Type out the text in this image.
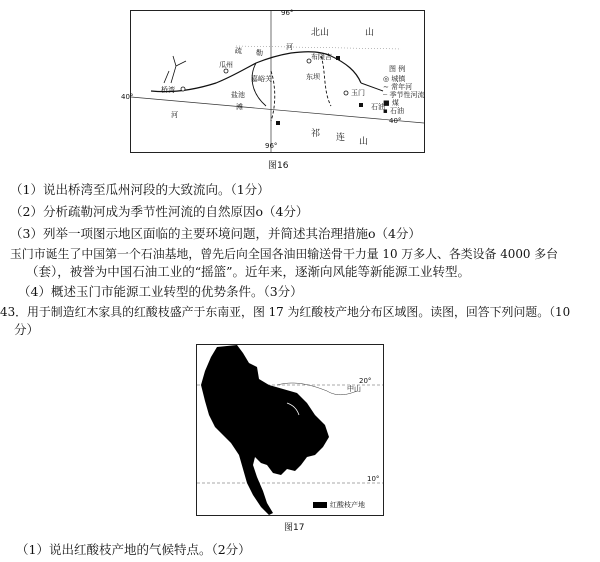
96°
96°
40°
40°
北山	山
疏
瓜州
勒
河
布隆吉
桥湾
嘉峪关	东坝
玉门
石油
盐池
滩
河
祁 连 山
图 例
◎ 城镇
∼ 常年河
┈ 季节性河流
■ 煤
▪ 石油
图16
（1）说出桥湾至瓜州河段的大致流向。（1分）
（2）分析疏勒河成为季节性河流的自然原因o（4分）
（3）列举一项图示地区面临的主要环境问题，并简述其治理措施o（4分）
玉门市诞生了中国第一个石油基地，曾先后向全国各油田输送骨干力量 10 万多人、各类设备 4000 多台
（套），被誉为中国石油工业的“摇篮”。近年来，逐渐向风能等新能源工业转型。
（4）概述玉门市能源工业转型的优势条件。（3分）
43．用于制造红木家具的红酸枝盛产于东南亚，图 17 为红酸枝产地分布区域图。读图，回答下列问题。（10
分）
20°
10°
中山
红酸枝产地
图17
（1）说出红酸枝产地的气候特点。（2分）
